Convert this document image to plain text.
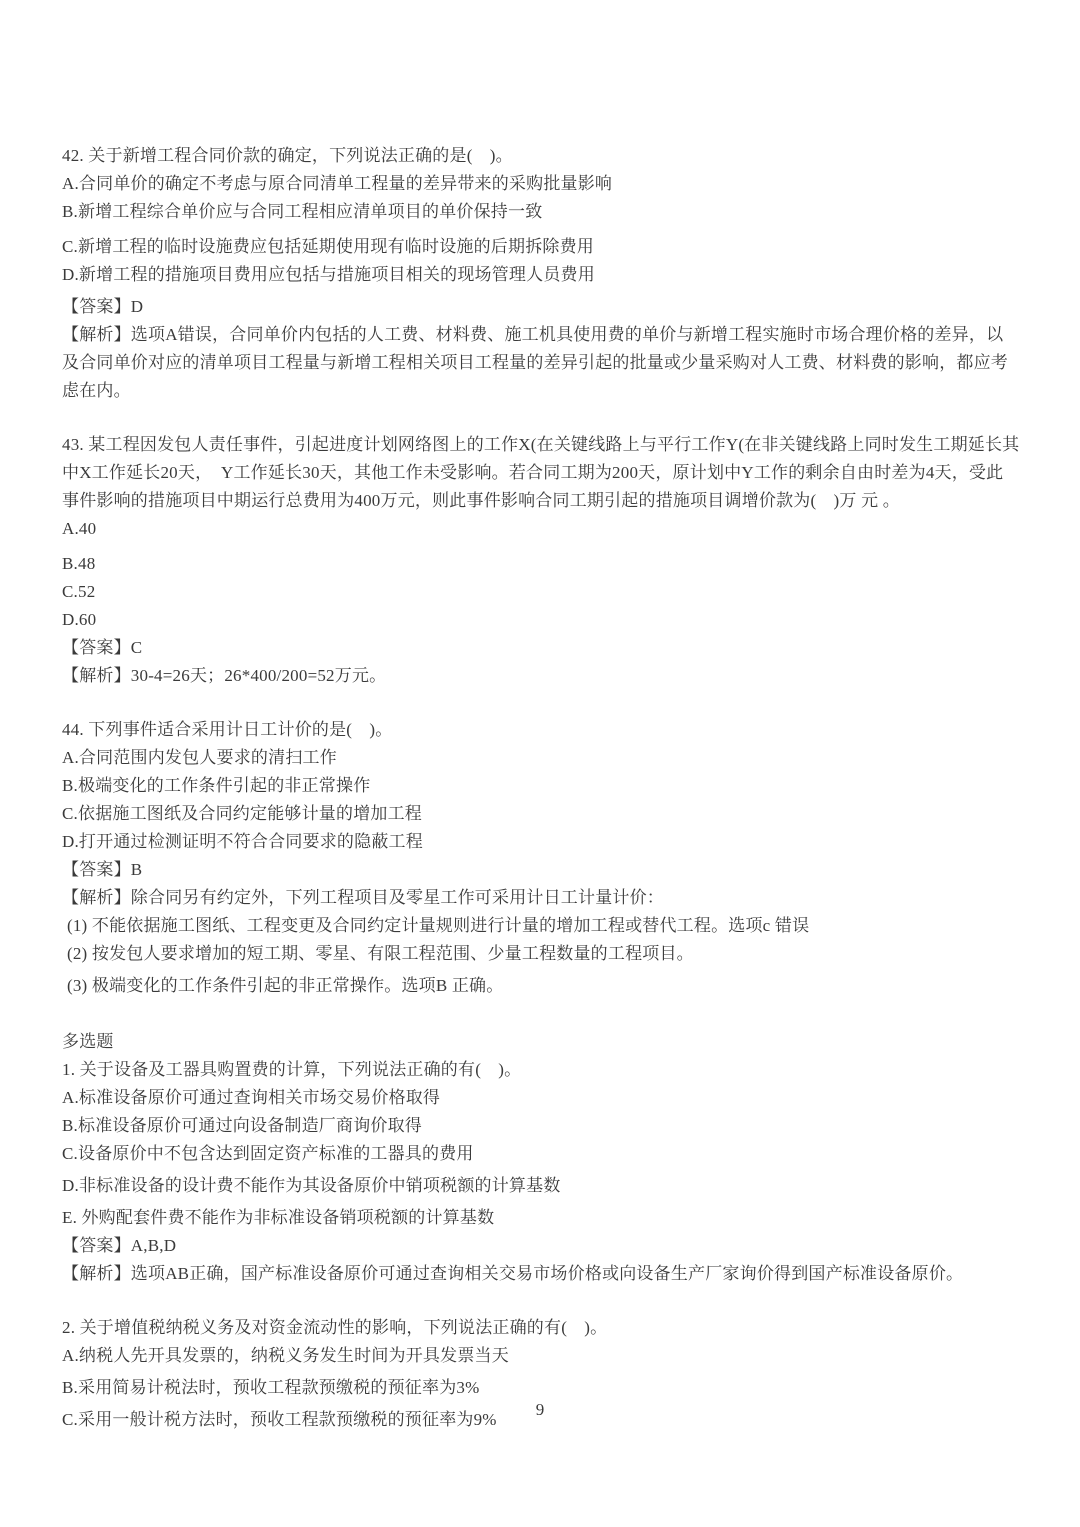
42. 关于新增工程合同价款的确定，下列说法正确的是(　)。

A.合同单价的确定不考虑与原合同清单工程量的差异带来的采购批量影响

B.新增工程综合单价应与合同工程相应清单项目的单价保持一致

C.新增工程的临时设施费应包括延期使用现有临时设施的后期拆除费用

D.新增工程的措施项目费用应包括与措施项目相关的现场管理人员费用

【答案】D

【解析】选项A错误，合同单价内包括的人工费、材料费、施工机具使用费的单价与新增工程实施时市场合理价格的差异，以及合同单价对应的清单项目工程量与新增工程相关项目工程量的差异引起的批量或少量采购对人工费、材料费的影响，都应考虑在内。

43. 某工程因发包人责任事件，引起进度计划网络图上的工作X(在关键线路上与平行工作Y(在非关键线路上同时发生工期延长其中X工作延长20天，　Y工作延长30天，其他工作未受影响。若合同工期为200天，原计划中Y工作的剩余自由时差为4天，受此事件影响的措施项目中期运行总费用为400万元，则此事件影响合同工期引起的措施项目调增价款为(　)万 元 。

A.40

B.48

C.52

D.60

【答案】C

【解析】30-4=26天；26*400/200=52万元。

44. 下列事件适合采用计日工计价的是(　)。

A.合同范围内发包人要求的清扫工作

B.极端变化的工作条件引起的非正常操作

C.依据施工图纸及合同约定能够计量的增加工程

D.打开通过检测证明不符合合同要求的隐蔽工程

【答案】B

【解析】除合同另有约定外，下列工程项目及零星工作可采用计日工计量计价：

(1) 不能依据施工图纸、工程变更及合同约定计量规则进行计量的增加工程或替代工程。选项c 错误

(2) 按发包人要求增加的短工期、零星、有限工程范围、少量工程数量的工程项目。

(3) 极端变化的工作条件引起的非正常操作。选项B 正确。

多选题

1. 关于设备及工器具购置费的计算，下列说法正确的有(　)。

A.标准设备原价可通过查询相关市场交易价格取得

B.标准设备原价可通过向设备制造厂商询价取得

C.设备原价中不包含达到固定资产标准的工器具的费用

D.非标准设备的设计费不能作为其设备原价中销项税额的计算基数

E. 外购配套件费不能作为非标准设备销项税额的计算基数

【答案】A,B,D

【解析】选项AB正确，国产标准设备原价可通过查询相关交易市场价格或向设备生产厂家询价得到国产标准设备原价。

2. 关于增值税纳税义务及对资金流动性的影响，下列说法正确的有(　)。

A.纳税人先开具发票的，纳税义务发生时间为开具发票当天

B.采用简易计税法时，预收工程款预缴税的预征率为3%

C.采用一般计税方法时，预收工程款预缴税的预征率为9%

9
